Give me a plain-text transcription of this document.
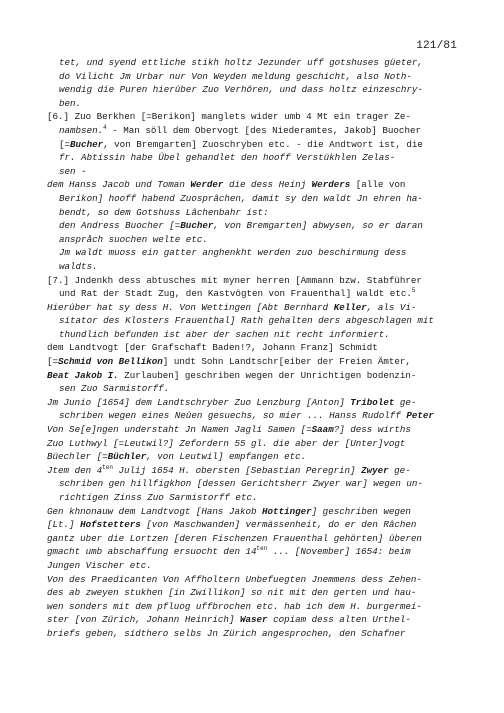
121/81
tet, und syend ettliche stikh holtz Jezunder uff gotshuses güeter,
do Vilicht Jm Urbar nur Von Weyden meldung geschicht, also Noth-
wendig die Puren hierûber Zuo Verhôren, und dass holtz einzeschry-
ben.
[6.] Zuo Berkhen [=Berikon] manglets wider umb 4 Mt ein trager Ze-
nambsen.$^4$ - Man söll dem Obervogt [des Niederamtes, Jakob] Buocher
[=Bucher, von Bremgarten] Zuoschryben etc. - die Andtwort ist, die
fr. Abtissin habe Übel gehandlet den hooff Verstükhlen Zelas-
sen -
dem Hanss Jacob und Toman Werder die dess Heinj Werders [alle von
Berikon] hooff habend Zuosprâchen, damit sy den waldt Jn ehren ha-
bendt, so dem Gotshuss Lâchenbahr ist:
den Andress Buocher [=Bucher, von Bremgarten] abwysen, so er daran
anspråch suochen welte etc.
Jm waldt muoss ein gatter anghenkht werden zuo beschirmung dess
waldts.
[7.] Jndenkh dess abtusches mit myner herren [Ammann bzw. Stabführer
und Rat der Stadt Zug, den Kastvögten von Frauenthal] waldt etc.$^5$
Hierûber hat sy dess H. Von Wettingen [Abt Bernhard Keller, als Vi-
sitator des Klosters Frauenthal] Rath gehalten ders abgeschlagen mit
thundlich befunden ist aber der sachen nit recht informiert.
dem Landtvogt [der Grafschaft Baden!?, Johann Franz] Schmidt
[=Schmid von Bellikon] undt Sohn Landtschr[eiber der Freien Ämter,
Beat Jakob I. Zurlauben] geschriben wegen der Unrichtigen bodenzin-
sen Zuo Sarmistorff.
Jm Junio [1654] dem Landtschryber Zuo Lenzburg [Anton] Tribolet ge-
schriben wegen eines Neûen gesuechs, so mier ... Hanss Rudolff Peter
Von Se[e]ngen understaht Jn Namen Jagli Samen [=Saam?] dess wirths
Zuo Luthwyl [=Leutwil?] Zefordern 55 gl. die aber der [Unter]vogt
Büechler [=Büchler, von Leutwil] empfangen etc.
Jtem den $4^{ten}$ Julij 1654 H. obersten [Sebastian Peregrin] Zwyer ge-
schriben gen hillfigkhon [dessen Gerichtsherr Zwyer war] wegen un-
richtigen Zinss Zuo Sarmistorff etc.
Gen khnonauw dem Landtvogt [Hans Jakob Hottinger] geschriben wegen
[Lt.] Hofstetters [von Maschwanden] vermässenheit, do er den Râchen
gantz uber die Lortzen [deren Fischenzen Frauenthal gehörten] ûberen
gmacht umb abschaffung ersuocht den $14^{ten}$ ... [November] 1654: beim
Jungen Vischer etc.
Von des Praedicanten Von Affholtern Unbefuegten Jnemmens dess Zehen-
des ab zweyen stukhen [in Zwillikon] so nit mit den gerten und hau-
wen sonders mit dem pfluog uffbrochen etc. hab ich dem H. burgermei-
ster [von Zürich, Johann Heinrich] Waser copiam dess alten Urthel-
briefs geben, sidthero selbs Jn Zürich angesprochen, den Schafner
